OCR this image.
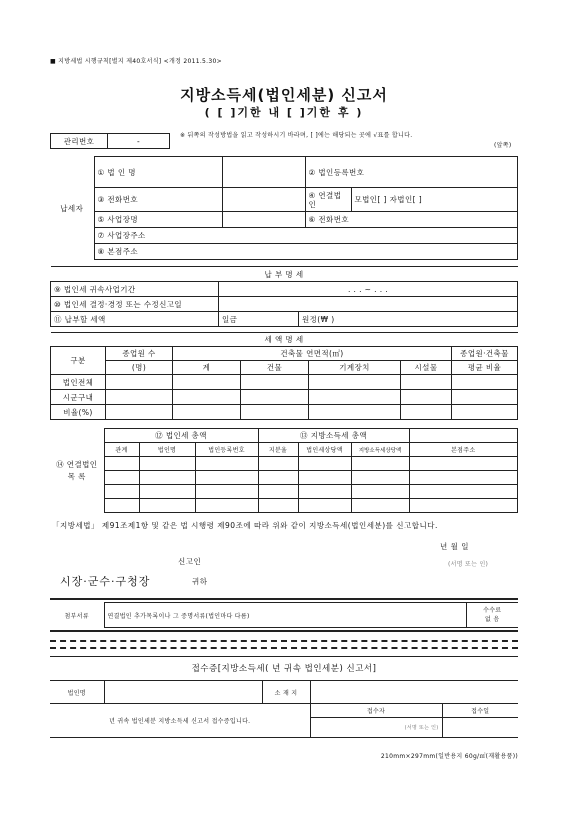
■ 지방세법 시행규칙[별지 제40호서식] <개정 2011.5.30>
지방소득세(법인세분) 신고서
( [ ]기한 내 [ ]기한 후 )
관리번호	-
※ 뒤쪽의 작성방법을 읽고 작성하시기 바라며, [ ]에는 해당되는 곳에 √표를 합니다.
(앞쪽)
납세자	① 법 인 명		② 법인등록번호	
	③ 전화번호		④ 연결법인	모법인[ ] 자법인[ ]
	⑤ 사업장명		⑥ 전화번호	
	⑦ 사업장주소			
	⑧ 본점주소			
납 부 명 세		
⑨ 법인세 귀속사업기간	. . . ~ . . .	
⑩ 법인세 결정·경정 또는 수정신고일		
⑪ 납부할 세액	일금	원정(₩ )
세 액 명 세						
구분	종업원 수	건축물 연면적(㎡)				종업원·건축물
	(명)	계	건물	기계장치	시설물	평균 비율
법인전체						
시군구내						
비율(%)						
⑭ 연결법인
목 록	⑫ 법인세 총액			⑬ 지방소득세 총액			
	관계	법인명	법인등록번호	지분율	법인세상당액	지방소득세상당액	본점주소

「지방세법」 제91조제1항 및 같은 법 시행령 제90조에 따라 위와 같이 지방소득세(법인세분)를 신고합니다.
년 월 일
신고인	(서명 또는 인)
시장·군수·구청장	귀하
첨부서류	연결법인 추가목록이나 그 증명서류(법인마다 다름)	수수료
없 음
접수증[지방소득세( 년 귀속 법인세분) 신고서]
법인명		소 재 지		
년 귀속 법인세분 지방소득세 신고서 접수증입니다.			접수자	접수일
			(서명 또는 인)	
210mm×297mm(일반용지 60g/㎡(재활용품))
